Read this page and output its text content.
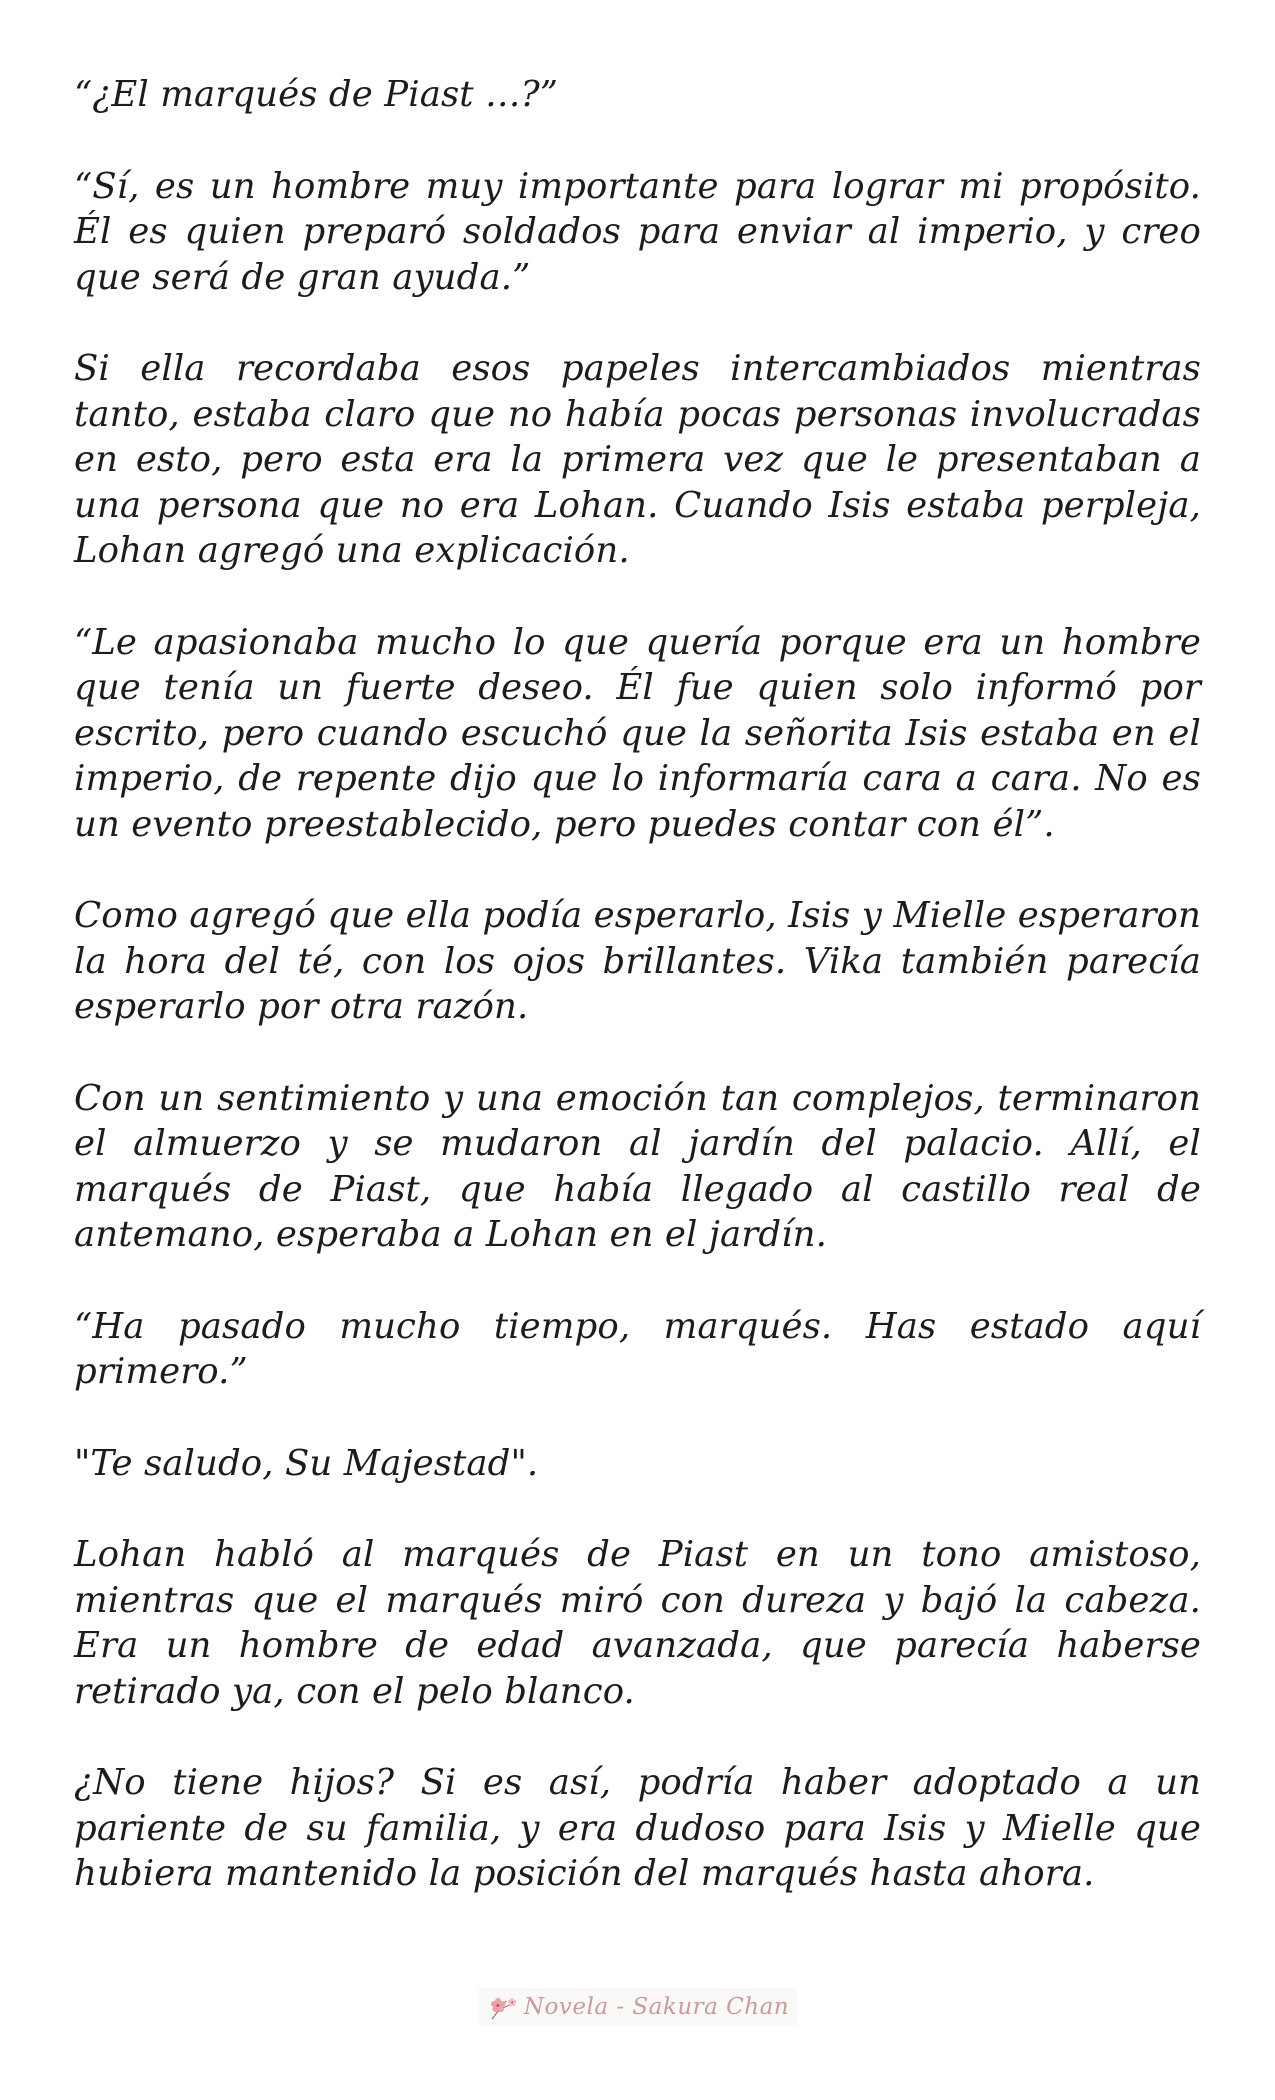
“¿El marqués de Piast …?”

“Sí, es un hombre muy importante para lograr mi propósito. Él es quien preparó soldados para enviar al imperio, y creo que será de gran ayuda.”

Si ella recordaba esos papeles intercambiados mientras tanto, estaba claro que no había pocas personas involucradas en esto, pero esta era la primera vez que le presentaban a una persona que no era Lohan. Cuando Isis estaba perpleja, Lohan agregó una explicación.

“Le apasionaba mucho lo que quería porque era un hombre que tenía un fuerte deseo. Él fue quien solo informó por escrito, pero cuando escuchó que la señorita Isis estaba en el imperio, de repente dijo que lo informaría cara a cara. No es un evento preestablecido, pero puedes contar con él”.

Como agregó que ella podía esperarlo, Isis y Mielle esperaron la hora del té, con los ojos brillantes. Vika también parecía esperarlo por otra razón.

Con un sentimiento y una emoción tan complejos, terminaron el almuerzo y se mudaron al jardín del palacio. Allí, el marqués de Piast, que había llegado al castillo real de antemano, esperaba a Lohan en el jardín.

“Ha pasado mucho tiempo, marqués. Has estado aquí primero.”

"Te saludo, Su Majestad".

Lohan habló al marqués de Piast en un tono amistoso, mientras que el marqués miró con dureza y bajó la cabeza. Era un hombre de edad avanzada, que parecía haberse retirado ya, con el pelo blanco.

¿No tiene hijos? Si es así, podría haber adoptado a un pariente de su familia, y era dudoso para Isis y Mielle que hubiera mantenido la posición del marqués hasta ahora.

Novela - Sakura Chan
